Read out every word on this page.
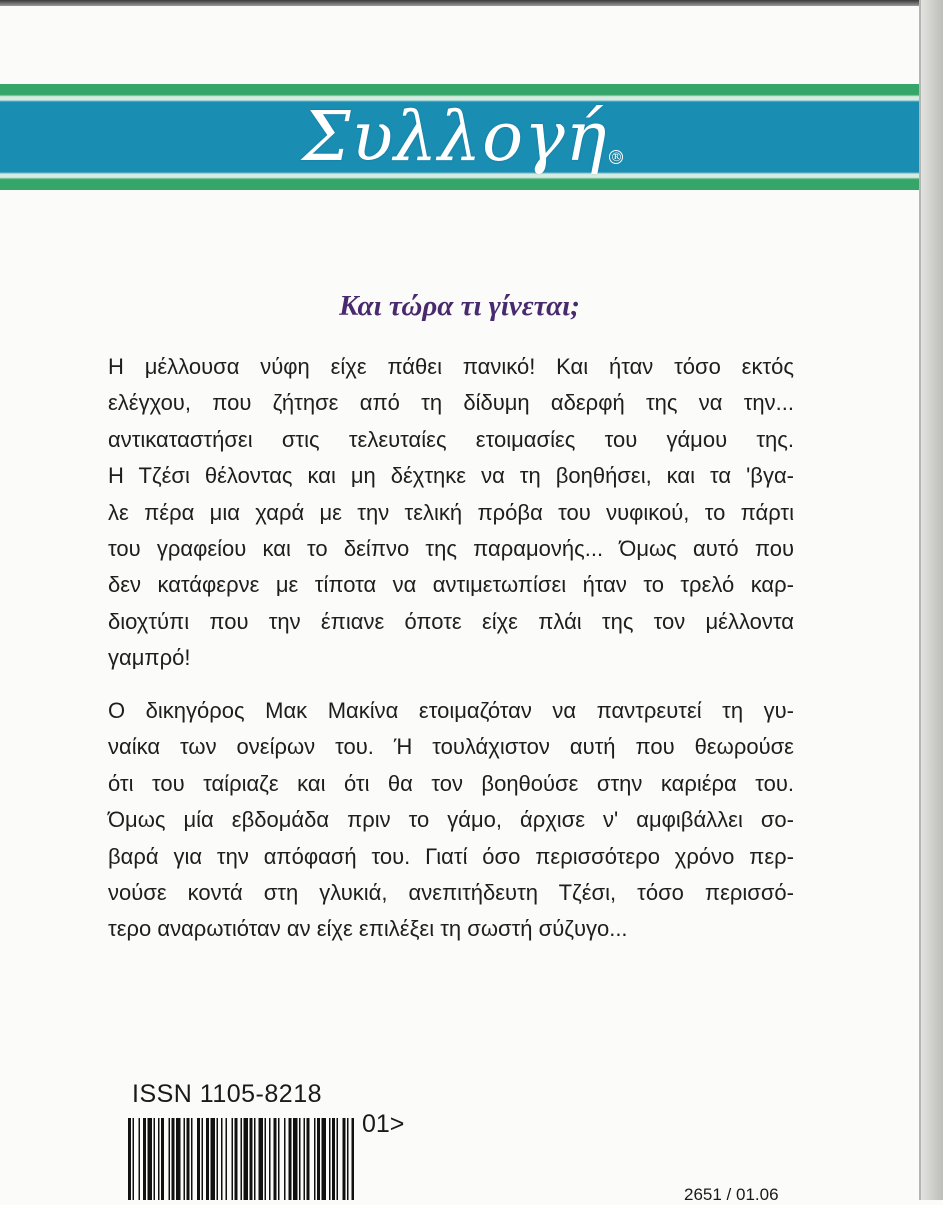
Συλλογή ®
Και τώρα τι γίνεται;
Η μέλλουσα νύφη είχε πάθει πανικό! Και ήταν τόσο εκτός
ελέγχου, που ζήτησε από τη δίδυμη αδερφή της να την...
αντικαταστήσει στις τελευταίες ετοιμασίες του γάμου της.
Η Τζέσι θέλοντας και μη δέχτηκε να τη βοηθήσει, και τα 'βγα-
λε πέρα μια χαρά με την τελική πρόβα του νυφικού, το πάρτι
του γραφείου και το δείπνο της παραμονής... Όμως αυτό που
δεν κατάφερνε με τίποτα να αντιμετωπίσει ήταν το τρελό καρ-
διοχτύπι που την έπιανε όποτε είχε πλάι της τον μέλλοντα
γαμπρό!
Ο δικηγόρος Μακ Μακίνα ετοιμαζόταν να παντρευτεί τη γυ-
ναίκα των ονείρων του. Ή τουλάχιστον αυτή που θεωρούσε
ότι του ταίριαζε και ότι θα τον βοηθούσε στην καριέρα του.
Όμως μία εβδομάδα πριν το γάμο, άρχισε ν' αμφιβάλλει σο-
βαρά για την απόφασή του. Γιατί όσο περισσότερο χρόνο περ-
νούσε κοντά στη γλυκιά, ανεπιτήδευτη Τζέσι, τόσο περισσό-
τερο αναρωτιόταν αν είχε επιλέξει τη σωστή σύζυγο...
ISSN 1105-8218
01>
2651 / 01.06
